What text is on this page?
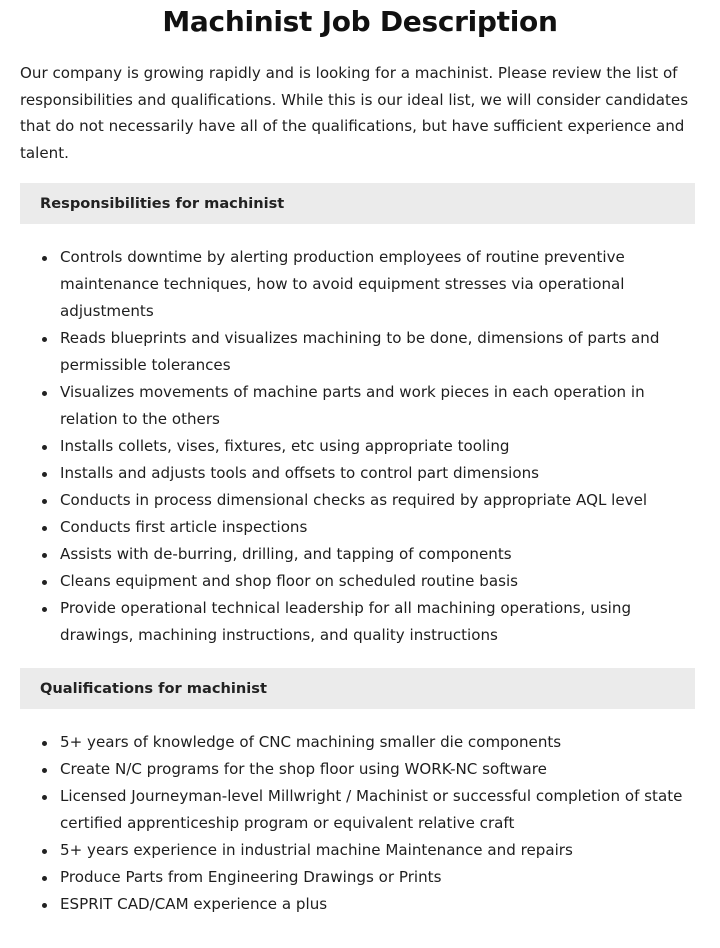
Machinist Job Description
Our company is growing rapidly and is looking for a machinist. Please review the list of responsibilities and qualifications. While this is our ideal list, we will consider candidates that do not necessarily have all of the qualifications, but have sufficient experience and talent.
Responsibilities for machinist
Controls downtime by alerting production employees of routine preventive maintenance techniques, how to avoid equipment stresses via operational adjustments
Reads blueprints and visualizes machining to be done, dimensions of parts and permissible tolerances
Visualizes movements of machine parts and work pieces in each operation in relation to the others
Installs collets, vises, fixtures, etc using appropriate tooling
Installs and adjusts tools and offsets to control part dimensions
Conducts in process dimensional checks as required by appropriate AQL level
Conducts first article inspections
Assists with de-burring, drilling, and tapping of components
Cleans equipment and shop floor on scheduled routine basis
Provide operational technical leadership for all machining operations, using drawings, machining instructions, and quality instructions
Qualifications for machinist
5+ years of knowledge of CNC machining smaller die components
Create N/C programs for the shop floor using WORK-NC software
Licensed Journeyman-level Millwright / Machinist or successful completion of state certified apprenticeship program or equivalent relative craft
5+ years experience in industrial machine Maintenance and repairs
Produce Parts from Engineering Drawings or Prints
ESPRIT CAD/CAM experience a plus
